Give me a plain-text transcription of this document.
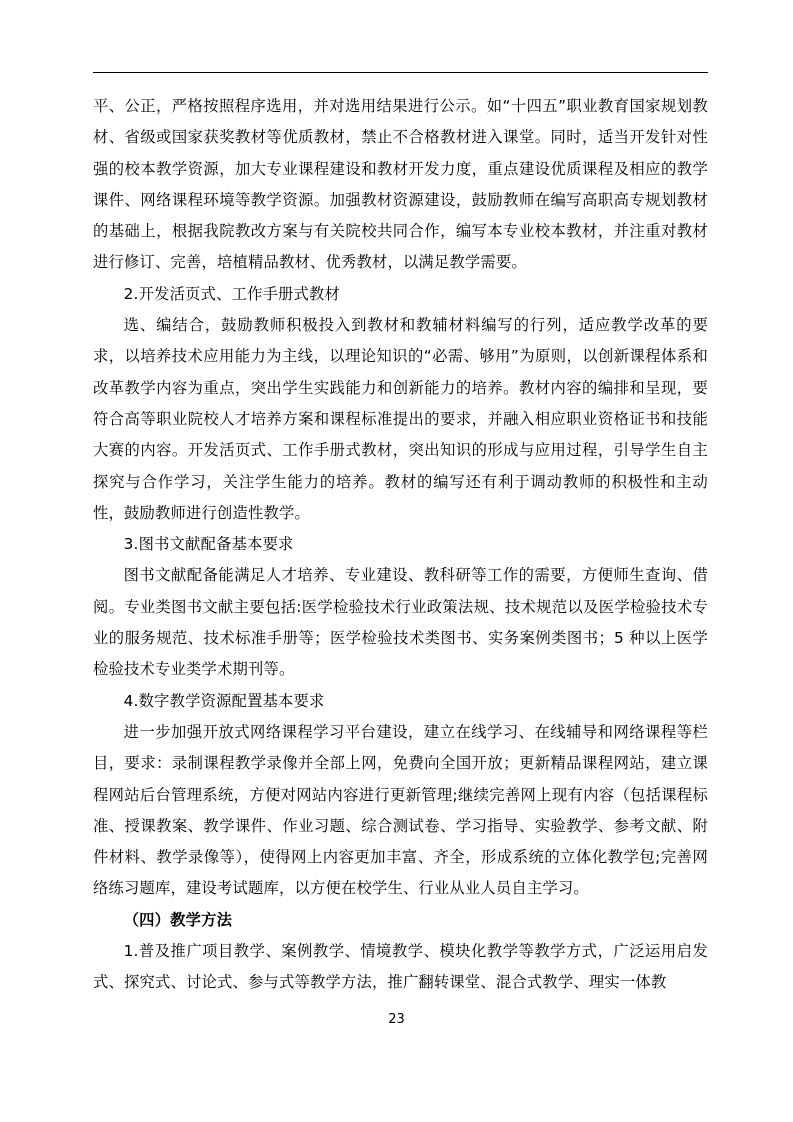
平、公正，严格按照程序选用，并对选用结果进行公示。如“十四五”职业教育国家规划教材、省级或国家获奖教材等优质教材，禁止不合格教材进入课堂。同时，适当开发针对性强的校本教学资源，加大专业课程建设和教材开发力度，重点建设优质课程及相应的教学课件、网络课程环境等教学资源。加强教材资源建设，鼓励教师在编写高职高专规划教材的基础上，根据我院教改方案与有关院校共同合作，编写本专业校本教材，并注重对教材进行修订、完善，培植精品教材、优秀教材，以满足教学需要。

2.开发活页式、工作手册式教材

选、编结合，鼓励教师积极投入到教材和教辅材料编写的行列，适应教学改革的要求，以培养技术应用能力为主线，以理论知识的“必需、够用”为原则，以创新课程体系和改革教学内容为重点，突出学生实践能力和创新能力的培养。教材内容的编排和呈现，要符合高等职业院校人才培养方案和课程标准提出的要求，并融入相应职业资格证书和技能大赛的内容。开发活页式、工作手册式教材，突出知识的形成与应用过程，引导学生自主探究与合作学习，关注学生能力的培养。教材的编写还有利于调动教师的积极性和主动性，鼓励教师进行创造性教学。

3.图书文献配备基本要求

图书文献配备能满足人才培养、专业建设、教科研等工作的需要，方便师生查询、借阅。专业类图书文献主要包括:医学检验技术行业政策法规、技术规范以及医学检验技术专业的服务规范、技术标准手册等；医学检验技术类图书、实务案例类图书；5 种以上医学检验技术专业类学术期刊等。

4.数字教学资源配置基本要求

进一步加强开放式网络课程学习平台建设，建立在线学习、在线辅导和网络课程等栏目，要求：录制课程教学录像并全部上网，免费向全国开放；更新精品课程网站，建立课程网站后台管理系统，方便对网站内容进行更新管理;继续完善网上现有内容（包括课程标准、授课教案、教学课件、作业习题、综合测试卷、学习指导、实验教学、参考文献、附件材料、教学录像等），使得网上内容更加丰富、齐全，形成系统的立体化教学包;完善网络练习题库，建设考试题库，以方便在校学生、行业从业人员自主学习。

（四）教学方法

1.普及推广项目教学、案例教学、情境教学、模块化教学等教学方式，广泛运用启发式、探究式、讨论式、参与式等教学方法，推广翻转课堂、混合式教学、理实一体教

23
